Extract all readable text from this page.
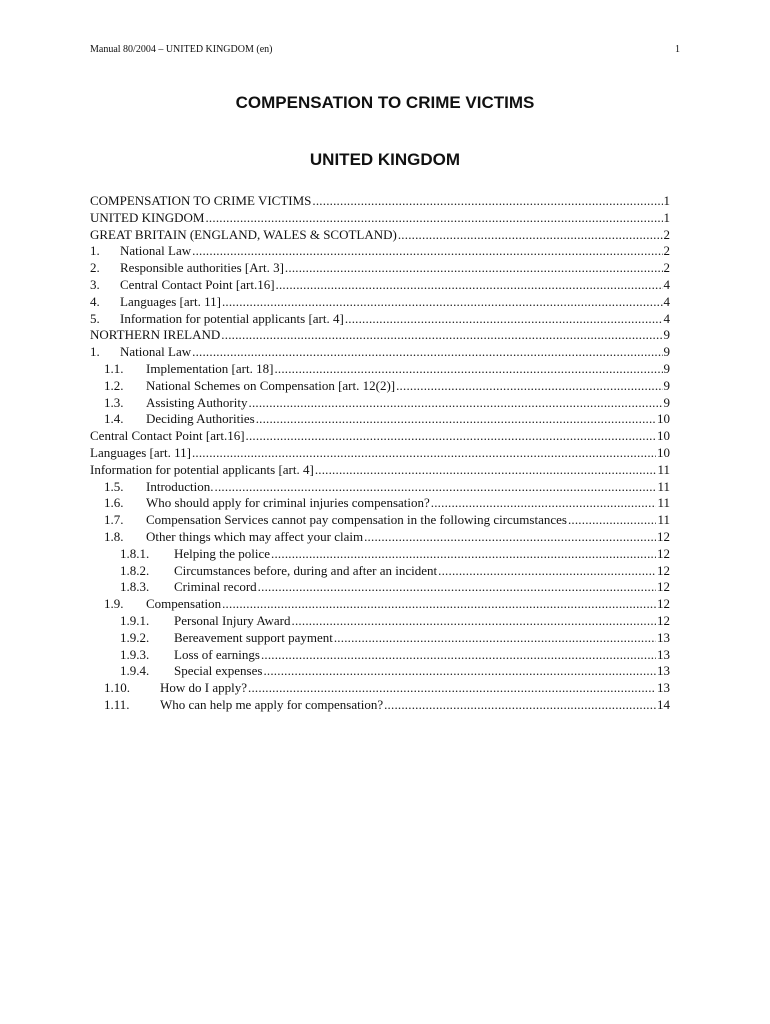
Manual 80/2004 – UNITED KINGDOM (en)	1
COMPENSATION TO CRIME VICTIMS
UNITED KINGDOM
COMPENSATION TO CRIME VICTIMS .....	1
UNITED KINGDOM .....	1
GREAT BRITAIN (ENGLAND, WALES & SCOTLAND) .....	2
1.	National Law .....	2
2.	Responsible authorities [Art. 3] .....	2
3.	Central Contact Point [art.16] .....	4
4.	Languages [art. 11] .....	4
5.	Information for potential applicants [art. 4] .....	4
NORTHERN IRELAND .....	9
1.	National Law .....	9
1.1.	Implementation [art. 18] .....	9
1.2.	National Schemes on Compensation [art. 12(2)] .....	9
1.3.	Assisting Authority .....	9
1.4.	Deciding Authorities .....	10
Central Contact Point [art.16] .....	10
Languages [art. 11] .....	10
Information for potential applicants [art. 4] .....	11
1.5.	Introduction. .....	11
1.6.	Who should apply for criminal injuries compensation? .....	11
1.7.	Compensation Services cannot pay compensation in the following circumstances .....	11
1.8.	Other things which may affect your claim .....	12
1.8.1.	Helping the police .....	12
1.8.2.	Circumstances before, during and after an incident .....	12
1.8.3.	Criminal record .....	12
1.9.	Compensation .....	12
1.9.1.	Personal Injury Award .....	12
1.9.2.	Bereavement support payment .....	13
1.9.3.	Loss of earnings .....	13
1.9.4.	Special expenses .....	13
1.10.	How do I apply? .....	13
1.11.	Who can help me apply for compensation? .....	14
